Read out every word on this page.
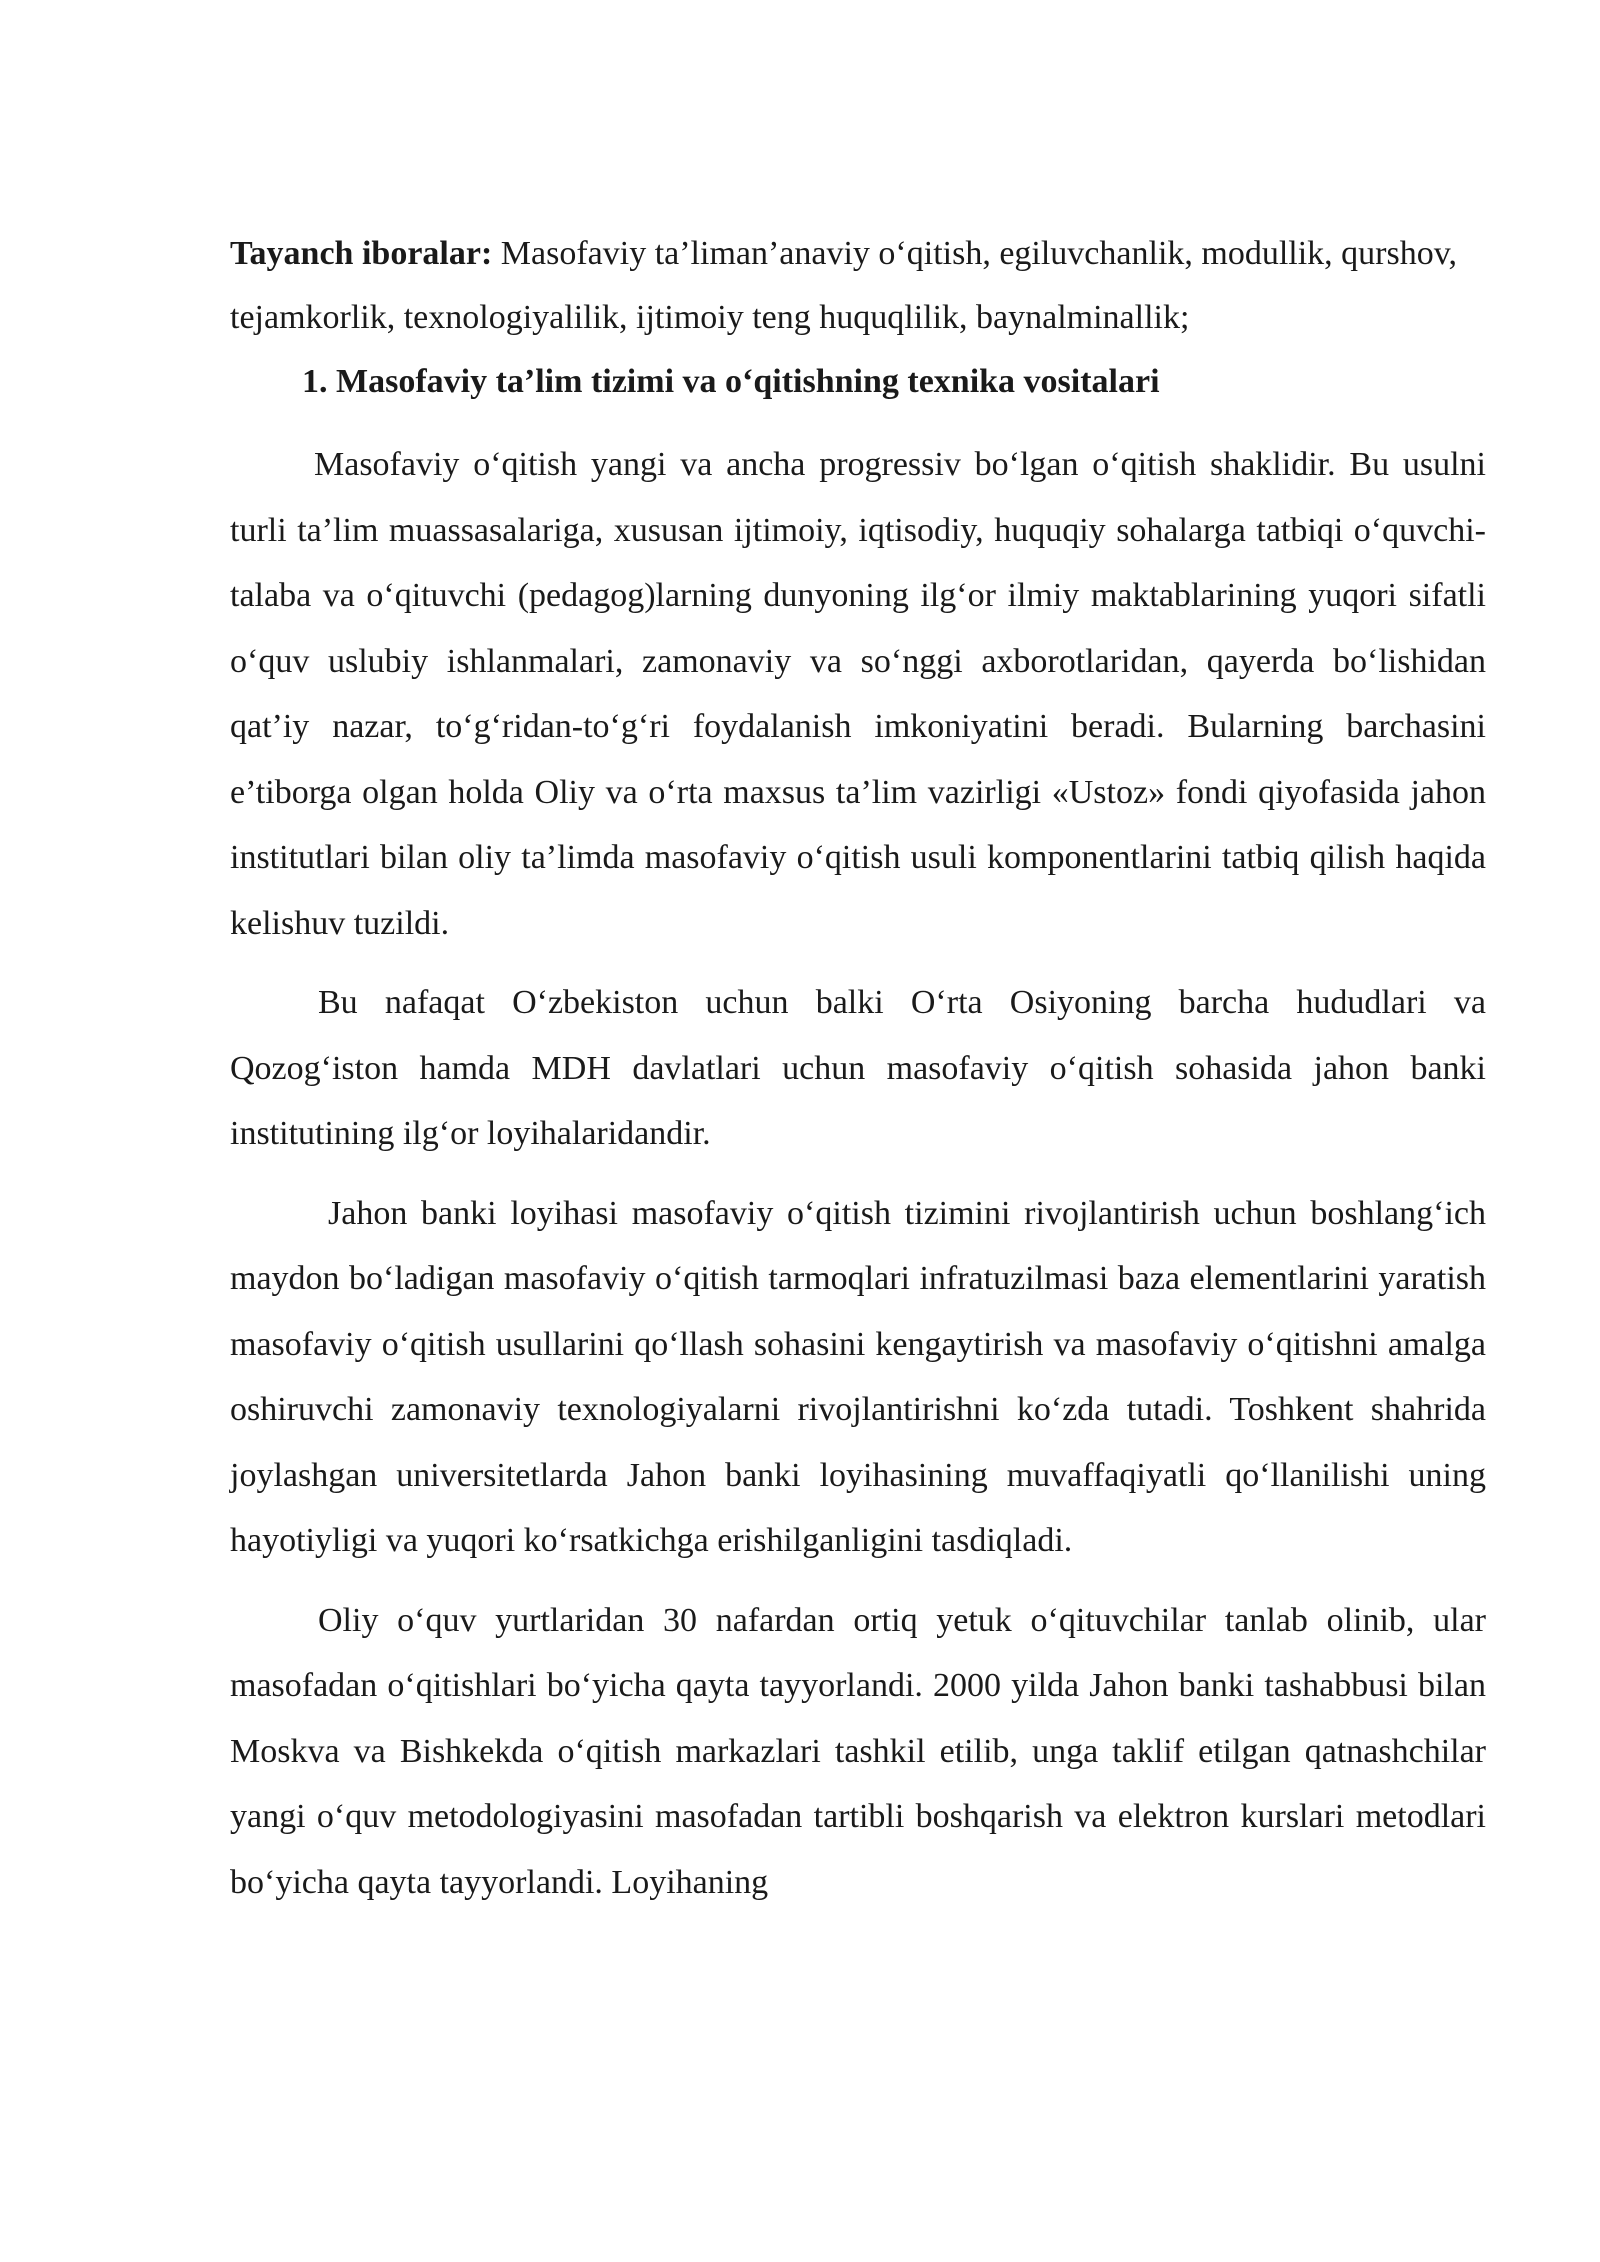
Tayanch iboralar: Masofaviy ta’liman’anaviy o‘qitish, egiluvchanlik, modullik, qurshov, tejamkorlik, texnologiyalilik, ijtimoiy teng huquqlilik, baynalminallik;

1. Masofaviy ta’lim tizimi va o‘qitishning texnika vositalari

Masofaviy o‘qitish yangi va ancha progressiv bo‘lgan o‘qitish shaklidir. Bu usulni turli ta’lim muassasalariga, xususan ijtimoiy, iqtisodiy, huquqiy sohalarga tatbiqi o‘quvchi-talaba va o‘qituvchi (pedagog)larning dunyoning ilg‘or ilmiy maktablarining yuqori sifatli o‘quv uslubiy ishlanmalari, zamonaviy va so‘nggi axborotlaridan, qayerda bo‘lishidan qat’iy nazar, to‘g‘ridan-to‘g‘ri foydalanish imkoniyatini beradi. Bularning barchasini e’tiborga olgan holda Oliy va o‘rta maxsus ta’lim vazirligi «Ustoz» fondi qiyofasida jahon institutlari bilan oliy ta’limda masofaviy o‘qitish usuli komponentlarini tatbiq qilish haqida kelishuv tuzildi.

Bu nafaqat O‘zbekiston uchun balki O‘rta Osiyoning barcha hududlari va Qozog‘iston hamda MDH davlatlari uchun masofaviy o‘qitish sohasida jahon banki institutining ilg‘or loyihalaridandir.

Jahon banki loyihasi masofaviy o‘qitish tizimini rivojlantirish uchun boshlang‘ich maydon bo‘ladigan masofaviy o‘qitish tarmoqlari infratuzilmasi baza elementlarini yaratish masofaviy o‘qitish usullarini qo‘llash sohasini kengaytirish va masofaviy o‘qitishni amalga oshiruvchi zamonaviy texnologiyalarni rivojlantirishni ko‘zda tutadi. Toshkent shahrida joylashgan universitetlarda Jahon banki loyihasining muvaffaqiyatli qo‘llanilishi uning hayotiyligi va yuqori ko‘rsatkichga erishilganligini tasdiqladi.

Oliy o‘quv yurtlaridan 30 nafardan ortiq yetuk o‘qituvchilar tanlab olinib, ular masofadan o‘qitishlari bo‘yicha qayta tayyorlandi. 2000 yilda Jahon banki tashabbusi bilan Moskva va Bishkekda o‘qitish markazlari tashkil etilib, unga taklif etilgan qatnashchilar yangi o‘quv metodologiyasini masofadan tartibli boshqarish va elektron kurslari metodlari bo‘yicha qayta tayyorlandi. Loyihaning
